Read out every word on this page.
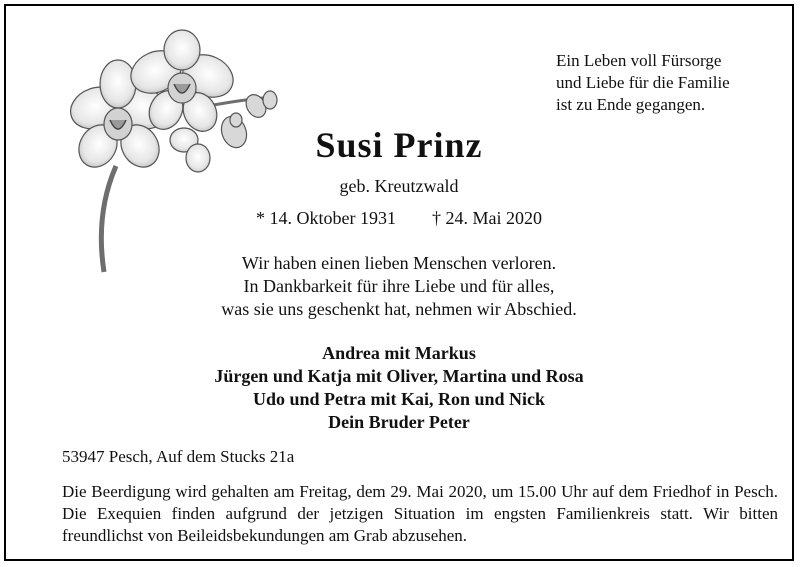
Ein Leben voll Fürsorge
und Liebe für die Familie
ist zu Ende gegangen.
Susi Prinz
geb. Kreutzwald
* 14. Oktober 1931 † 24. Mai 2020
Wir haben einen lieben Menschen verloren.
In Dankbarkeit für ihre Liebe und für alles,
was sie uns geschenkt hat, nehmen wir Abschied.
Andrea mit Markus
Jürgen und Katja mit Oliver, Martina und Rosa
Udo und Petra mit Kai, Ron und Nick
Dein Bruder Peter
53947 Pesch, Auf dem Stucks 21a
Die Beerdigung wird gehalten am Freitag, dem 29. Mai 2020, um 15.00 Uhr auf dem Friedhof in Pesch. Die Exequien finden aufgrund der jetzigen Situation im engsten Familienkreis statt. Wir bitten freundlichst von Beileidsbekundungen am Grab abzusehen.
